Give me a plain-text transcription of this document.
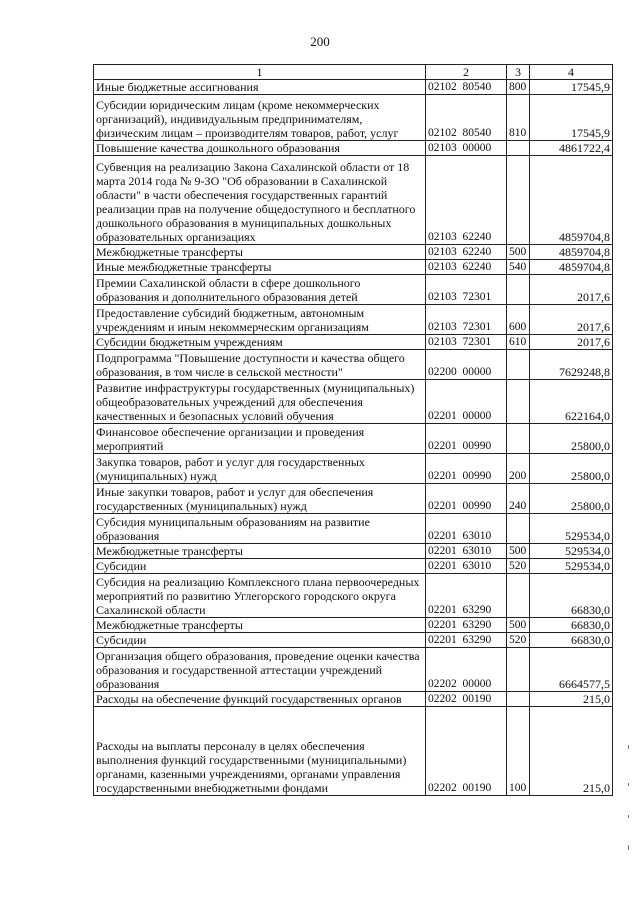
200
1	2	3	4
Иные бюджетные ассигнования	02102  80540	800	17545,9
Субсидии юридическим лицам (кроме некоммерческих организаций), индивидуальным предпринимателям, физическим лицам – производителям товаров, работ, услуг	02102  80540	810	17545,9
Повышение качества дошкольного образования	02103  00000		4861722,4
Субвенция на реализацию Закона Сахалинской области от 18 марта 2014 года № 9-ЗО "Об образовании в Сахалинской области" в части обеспечения государственных гарантий реализации прав на получение общедоступного и бесплатного дошкольного образования в муниципальных дошкольных образовательных организациях	02103  62240		4859704,8
Межбюджетные трансферты	02103  62240	500	4859704,8
Иные межбюджетные трансферты	02103  62240	540	4859704,8
Премии Сахалинской области в сфере дошкольного образования и дополнительного образования детей	02103  72301		2017,6
Предоставление субсидий бюджетным, автономным учреждениям и иным некоммерческим организациям	02103  72301	600	2017,6
Субсидии бюджетным учреждениям	02103  72301	610	2017,6
Подпрограмма "Повышение доступности и качества общего образования, в том числе в сельской местности"	02200  00000		7629248,8
Развитие инфраструктуры государственных (муниципальных) общеобразовательных учреждений для обеспечения качественных и безопасных условий обучения	02201  00000		622164,0
Финансовое обеспечение организации и проведения мероприятий	02201  00990		25800,0
Закупка товаров, работ и услуг для государственных (муниципальных) нужд	02201  00990	200	25800,0
Иные закупки товаров, работ и услуг для обеспечения государственных (муниципальных) нужд	02201  00990	240	25800,0
Субсидия муниципальным образованиям на развитие образования	02201  63010		529534,0
Межбюджетные трансферты	02201  63010	500	529534,0
Субсидии	02201  63010	520	529534,0
Субсидия на реализацию Комплексного плана первоочередных мероприятий по развитию Углегорского городского округа Сахалинской области	02201  63290		66830,0
Межбюджетные трансферты	02201  63290	500	66830,0
Субсидии	02201  63290	520	66830,0
Организация общего образования, проведение оценки качества образования и государственной аттестации учреждений образования	02202  00000		6664577,5
Расходы на обеспечение функций государственных органов	02202  00190		215,0
Расходы на выплаты персоналу в целях обеспечения выполнения функций государственными (муниципальными) органами, казенными учреждениями, органами управления государственными внебюджетными фондами	02202  00190	100	215,0
